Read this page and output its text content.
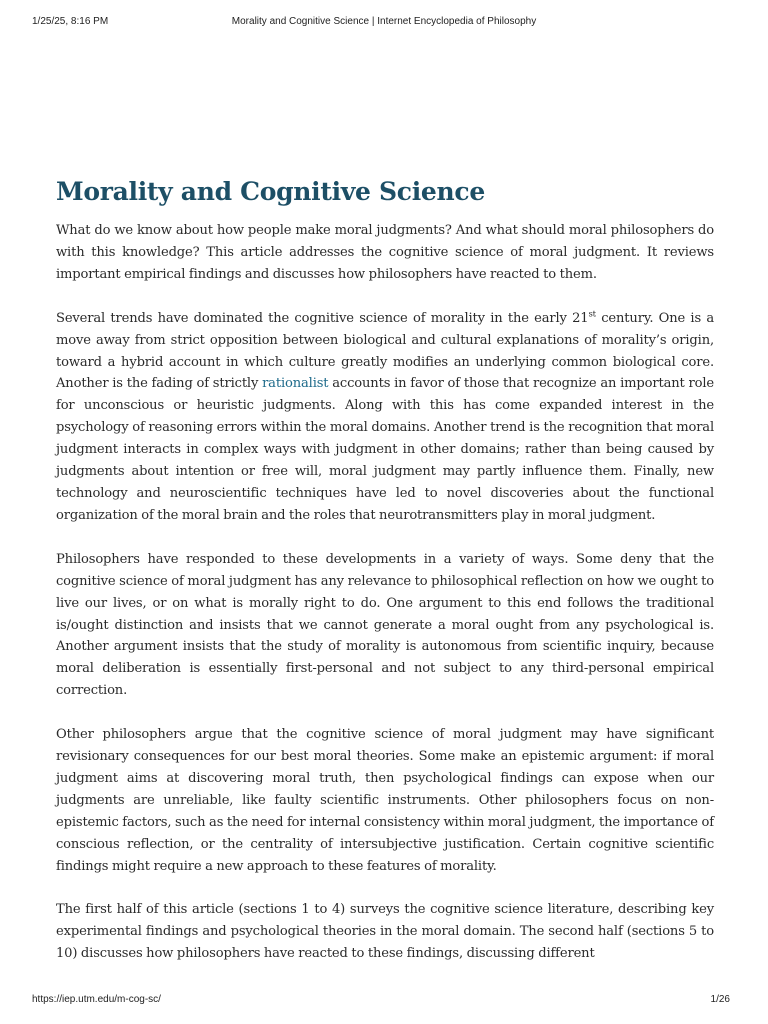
1/25/25, 8:16 PM	Morality and Cognitive Science | Internet Encyclopedia of Philosophy
Morality and Cognitive Science

What do we know about how people make moral judgments? And what should moral philosophers do with this knowledge? This article addresses the cognitive science of moral judgment. It reviews important empirical findings and discusses how philosophers have reacted to them.

Several trends have dominated the cognitive science of morality in the early 21st century. One is a move away from strict opposition between biological and cultural explanations of morality’s origin, toward a hybrid account in which culture greatly modifies an underlying common biological core. Another is the fading of strictly rationalist accounts in favor of those that recognize an important role for unconscious or heuristic judgments. Along with this has come expanded interest in the psychology of reasoning errors within the moral domains. Another trend is the recognition that moral judgment interacts in complex ways with judgment in other domains; rather than being caused by judgments about intention or free will, moral judgment may partly influence them. Finally, new technology and neuroscientific techniques have led to novel discoveries about the functional organization of the moral brain and the roles that neurotransmitters play in moral judgment.

Philosophers have responded to these developments in a variety of ways. Some deny that the cognitive science of moral judgment has any relevance to philosophical reflection on how we ought to live our lives, or on what is morally right to do. One argument to this end follows the traditional is/ought distinction and insists that we cannot generate a moral ought from any psychological is. Another argument insists that the study of morality is autonomous from scientific inquiry, because moral deliberation is essentially first-personal and not subject to any third-personal empirical correction.

Other philosophers argue that the cognitive science of moral judgment may have significant revisionary consequences for our best moral theories. Some make an epistemic argument: if moral judgment aims at discovering moral truth, then psychological findings can expose when our judgments are unreliable, like faulty scientific instruments. Other philosophers focus on non-epistemic factors, such as the need for internal consistency within moral judgment, the importance of conscious reflection, or the centrality of intersubjective justification. Certain cognitive scientific findings might require a new approach to these features of morality.

The first half of this article (sections 1 to 4) surveys the cognitive science literature, describing key experimental findings and psychological theories in the moral domain. The second half (sections 5 to 10) discusses how philosophers have reacted to these findings, discussing different

https://iep.utm.edu/m-cog-sc/	1/26
